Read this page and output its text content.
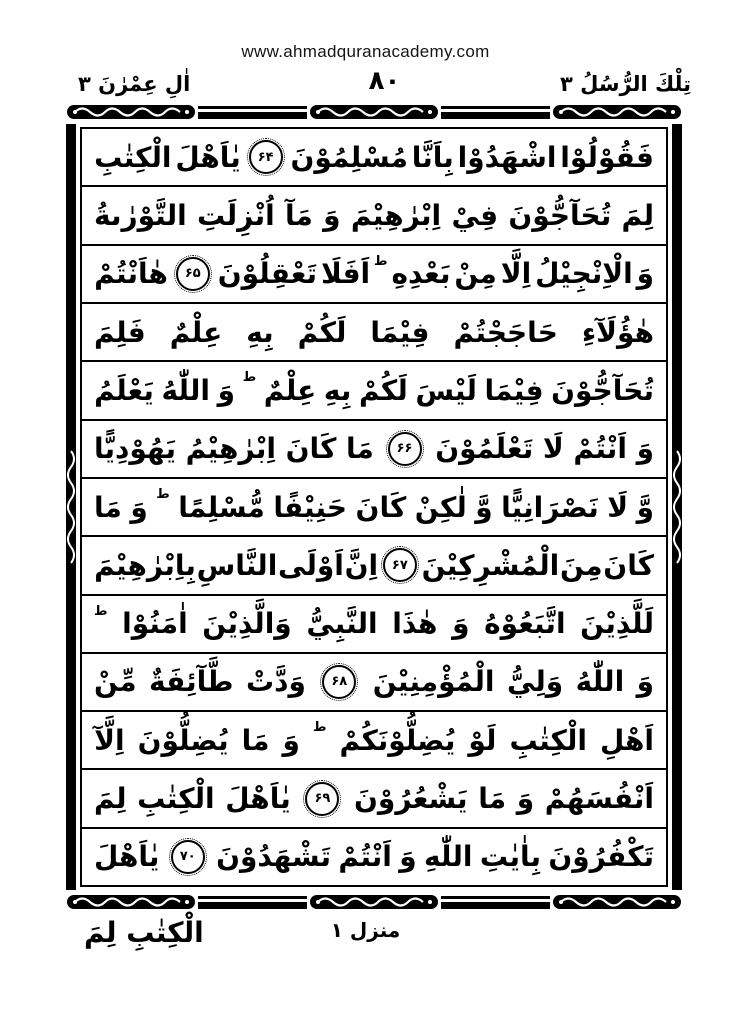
www.ahmadquranacademy.com
اٰلِ عِمْرٰنَ ٣	٨٠	تِلْكَ الرُّسُلُ ٣
فَقُوْلُوْا
اشْهَدُوْا
بِاَنَّا
مُسْلِمُوْنَ
۶۴
يٰاَهْلَ
الْكِتٰبِ
لِمَ
تُحَآجُّوْنَ
فِيْ
اِبْرٰهِيْمَ
وَ
مَآ
اُنْزِلَتِ
التَّوْرٰىةُ
وَ
الْاِنْجِيْلُ
اِلَّا
مِنْ
بَعْدِهِ
ط
اَفَلَا
تَعْقِلُوْنَ
۶۵
هٰاَنْتُمْ
هٰؤُلَآءِ
حَاجَجْتُمْ
فِيْمَا
لَكُمْ
بِهِ
عِلْمٌ
فَلِمَ
تُحَآجُّوْنَ
فِيْمَا
لَيْسَ
لَكُمْ
بِهِ
عِلْمٌ
ط
وَ
اللّٰهُ
يَعْلَمُ
وَ
اَنْتُمْ
لَا
تَعْلَمُوْنَ
۶۶
مَا
كَانَ
اِبْرٰهِيْمُ
يَهُوْدِيًّا
وَّ
لَا
نَصْرَانِيًّا
وَّ
لٰكِنْ
كَانَ
حَنِيْفًا
مُّسْلِمًا
ط
وَ
مَا
كَانَ
مِنَ
الْمُشْرِكِيْنَ
۶۷
اِنَّ
اَوْلَى
النَّاسِ
بِاِبْرٰهِيْمَ
لَلَّذِيْنَ
اتَّبَعُوْهُ
وَ
هٰذَا
النَّبِيُّ
وَالَّذِيْنَ
اٰمَنُوْا
ط
وَ
اللّٰهُ
وَلِيُّ
الْمُؤْمِنِيْنَ
۶۸
وَدَّتْ
طَّآئِفَةٌ
مِّنْ
اَهْلِ
الْكِتٰبِ
لَوْ
يُضِلُّوْنَكُمْ
ط
وَ
مَا
يُضِلُّوْنَ
اِلَّآ
اَنْفُسَهُمْ
وَ
مَا
يَشْعُرُوْنَ
۶۹
يٰاَهْلَ
الْكِتٰبِ
لِمَ
تَكْفُرُوْنَ
بِاٰيٰتِ
اللّٰهِ
وَ
اَنْتُمْ
تَشْهَدُوْنَ
۷۰
يٰاَهْلَ
منزل ١
الْكِتٰبِ لِمَ
